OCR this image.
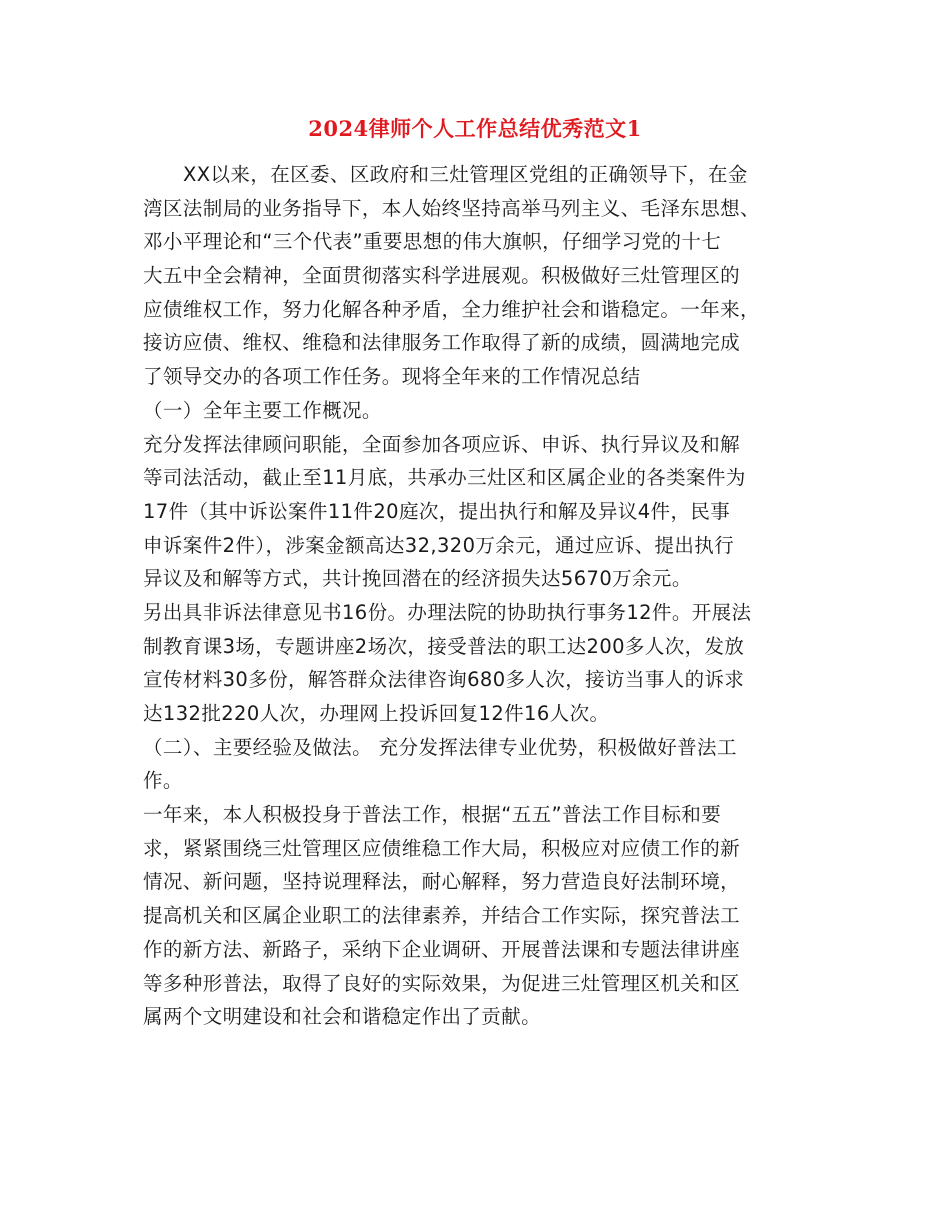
2024律师个人工作总结优秀范文1
XX以来，在区委、区政府和三灶管理区党组的正确领导下，在金
湾区法制局的业务指导下，本人始终坚持高举马列主义、毛泽东思想、
邓小平理论和“三个代表”重要思想的伟大旗帜，仔细学习党的十七
大五中全会精神，全面贯彻落实科学进展观。积极做好三灶管理区的
应债维权工作，努力化解各种矛盾，全力维护社会和谐稳定。一年来，
接访应债、维权、维稳和法律服务工作取得了新的成绩，圆满地完成
了领导交办的各项工作任务。现将全年来的工作情况总结
（一）全年主要工作概况。
充分发挥法律顾问职能，全面参加各项应诉、申诉、执行异议及和解
等司法活动，截止至11月底，共承办三灶区和区属企业的各类案件为
17件（其中诉讼案件11件20庭次，提出执行和解及异议4件，民事
申诉案件2件），涉案金额高达32,320万余元，通过应诉、提出执行
异议及和解等方式，共计挽回潜在的经济损失达5670万余元。
另出具非诉法律意见书16份。办理法院的协助执行事务12件。开展法
制教育课3场，专题讲座2场次，接受普法的职工达200多人次，发放
宣传材料30多份，解答群众法律咨询680多人次，接访当事人的诉求
达132批220人次，办理网上投诉回复12件16人次。
（二）、主要经验及做法。 充分发挥法律专业优势，积极做好普法工
作。
一年来，本人积极投身于普法工作，根据“五五”普法工作目标和要
求，紧紧围绕三灶管理区应债维稳工作大局，积极应对应债工作的新
情况、新问题，坚持说理释法，耐心解释，努力营造良好法制环境，
提高机关和区属企业职工的法律素养，并结合工作实际，探究普法工
作的新方法、新路子，采纳下企业调研、开展普法课和专题法律讲座
等多种形普法，取得了良好的实际效果，为促进三灶管理区机关和区
属两个文明建设和社会和谐稳定作出了贡献。
